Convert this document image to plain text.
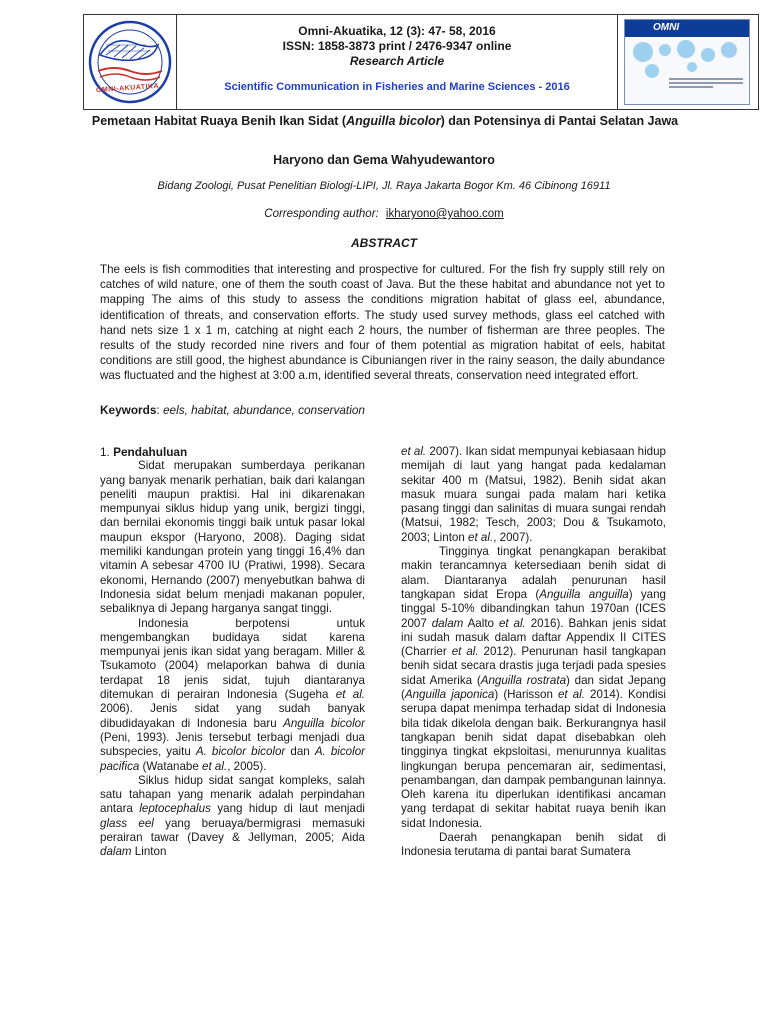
OMNI-AKUATIKA
Omni-Akuatika, 12 (3): 47- 58, 2016
ISSN: 1858-3873 print / 2476-9347 online
Research Article
Scientific Communication in Fisheries and Marine Sciences - 2016
OMNI
Pemetaan Habitat Ruaya Benih Ikan Sidat (Anguilla bicolor) dan Potensinya di Pantai Selatan Jawa
Haryono dan Gema Wahyudewantoro
Bidang Zoologi, Pusat Penelitian Biologi-LIPI, Jl. Raya Jakarta Bogor Km. 46 Cibinong 16911
Corresponding author: ikharyono@yahoo.com
ABSTRACT

The eels is fish commodities that interesting and prospective for cultured. For the fish fry supply still rely on catches of wild nature, one of them the south coast of Java. But the these habitat and abundance not yet to mapping The aims of this study to assess the conditions migration habitat of glass eel, abundance, identification of threats, and conservation efforts. The study used survey methods, glass eel catched with hand nets size 1 x 1 m, catching at night each 2 hours, the number of fisherman are three peoples. The results of the study recorded nine rivers and four of them potential as migration habitat of eels, habitat conditions are still good, the highest abundance is Cibuniangen river in the rainy season, the daily abundance was fluctuated and the highest at 3:00 a.m, identified several threats, conservation need integrated effort.

Keywords: eels, habitat, abundance, conservation

1. Pendahuluan

Sidat merupakan sumberdaya perikanan yang banyak menarik perhatian, baik dari kalangan peneliti maupun praktisi. Hal ini dikarenakan mempunyai siklus hidup yang unik, bergizi tinggi, dan bernilai ekonomis tinggi baik untuk pasar lokal maupun ekspor (Haryono, 2008). Daging sidat memiliki kandungan protein yang tinggi 16,4% dan vitamin A sebesar 4700 IU (Pratiwi, 1998). Secara ekonomi, Hernando (2007) menyebutkan bahwa di Indonesia sidat belum menjadi makanan populer, sebaliknya di Jepang harganya sangat tinggi.

Indonesia berpotensi untuk mengembangkan budidaya sidat karena mempunyai jenis ikan sidat yang beragam. Miller & Tsukamoto (2004) melaporkan bahwa di dunia terdapat 18 jenis sidat, tujuh diantaranya ditemukan di perairan Indonesia (Sugeha et al. 2006). Jenis sidat yang sudah banyak dibudidayakan di Indonesia baru Anguilla bicolor (Peni, 1993). Jenis tersebut terbagi menjadi dua subspecies, yaitu A. bicolor bicolor dan A. bicolor pacifica (Watanabe et al., 2005).

Siklus hidup sidat sangat kompleks, salah satu tahapan yang menarik adalah perpindahan antara leptocephalus yang hidup di laut menjadi glass eel yang beruaya/bermigrasi memasuki perairan tawar (Davey & Jellyman, 2005; Aida dalam Linton

et al. 2007). Ikan sidat mempunyai kebiasaan hidup memijah di laut yang hangat pada kedalaman sekitar 400 m (Matsui, 1982). Benih sidat akan masuk muara sungai pada malam hari ketika pasang tinggi dan salinitas di muara sungai rendah (Matsui, 1982; Tesch, 2003; Dou & Tsukamoto, 2003; Linton et al., 2007).

Tingginya tingkat penangkapan berakibat makin terancamnya ketersediaan benih sidat di alam. Diantaranya adalah penurunan hasil tangkapan sidat Eropa (Anguilla anguilla) yang tinggal 5-10% dibandingkan tahun 1970an (ICES 2007 dalam Aalto et al. 2016). Bahkan jenis sidat ini sudah masuk dalam daftar Appendix II CITES (Charrier et al. 2012). Penurunan hasil tangkapan benih sidat secara drastis juga terjadi pada spesies sidat Amerika (Anguilla rostrata) dan sidat Jepang (Anguilla japonica) (Harisson et al. 2014). Kondisi serupa dapat menimpa terhadap sidat di Indonesia bila tidak dikelola dengan baik. Berkurangnya hasil tangkapan benih sidat dapat disebabkan oleh tingginya tingkat ekpsloitasi, menurunnya kualitas lingkungan berupa pencemaran air, sedimentasi, penambangan, dan dampak pembangunan lainnya. Oleh karena itu diperlukan identifikasi ancaman yang terdapat di sekitar habitat ruaya benih ikan sidat Indonesia.

Daerah penangkapan benih sidat di Indonesia terutama di pantai barat Sumatera
